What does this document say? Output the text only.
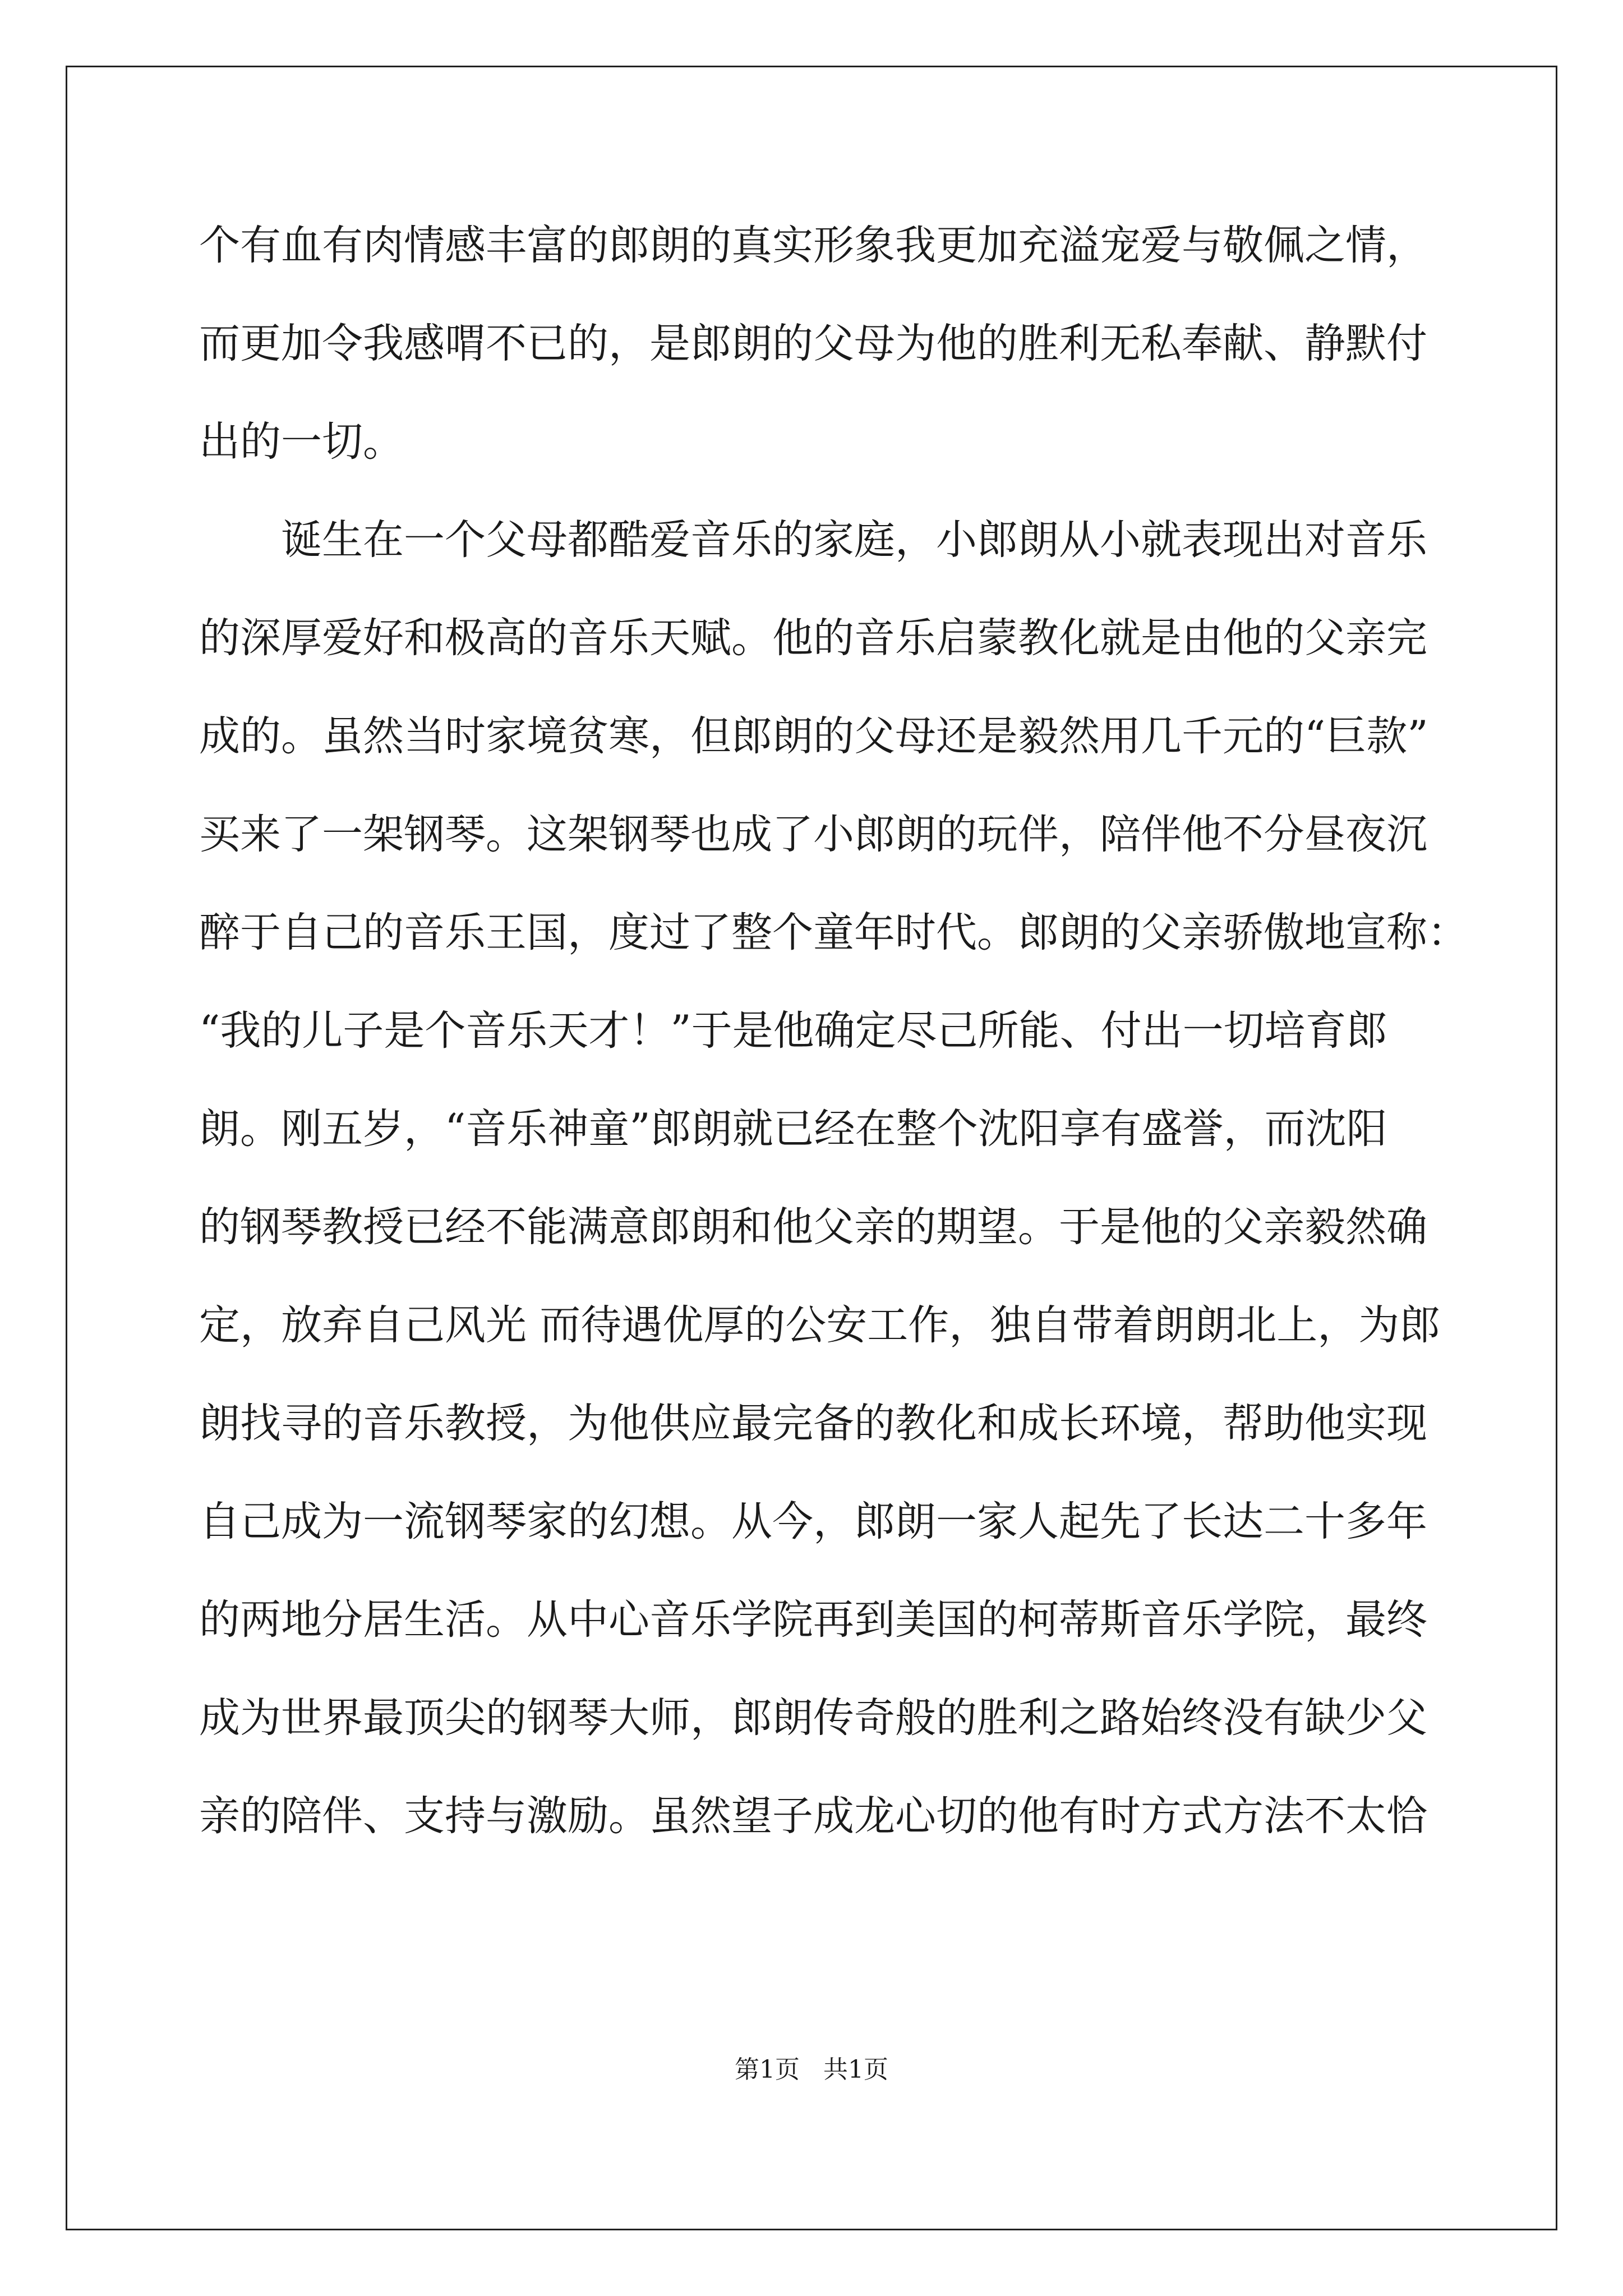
个有血有肉情感丰富的郎朗的真实形象我更加充溢宠爱与敬佩之情，
而更加令我感喟不已的，是郎朗的父母为他的胜利无私奉献、静默付
出的一切。
诞生在一个父母都酷爱音乐的家庭，小郎朗从小就表现出对音乐
的深厚爱好和极高的音乐天赋。他的音乐启蒙教化就是由他的父亲完
成的。虽然当时家境贫寒，但郎朗的父母还是毅然用几千元的“巨款”
买来了一架钢琴。这架钢琴也成了小郎朗的玩伴，陪伴他不分昼夜沉
醉于自己的音乐王国，度过了整个童年时代。郎朗的父亲骄傲地宣称：
“我的儿子是个音乐天才！”于是他确定尽己所能、付出一切培育郎
朗。刚五岁，“音乐神童”郎朗就已经在整个沈阳享有盛誉，而沈阳
的钢琴教授已经不能满意郎朗和他父亲的期望。于是他的父亲毅然确
定，放弃自己风光 而待遇优厚的公安工作，独自带着朗朗北上，为郎
朗找寻的音乐教授，为他供应最完备的教化和成长环境，帮助他实现
自己成为一流钢琴家的幻想。从今，郎朗一家人起先了长达二十多年
的两地分居生活。从中心音乐学院再到美国的柯蒂斯音乐学院，最终
成为世界最顶尖的钢琴大师，郎朗传奇般的胜利之路始终没有缺少父
亲的陪伴、支持与激励。虽然望子成龙心切的他有时方式方法不太恰
第1页   共1页
